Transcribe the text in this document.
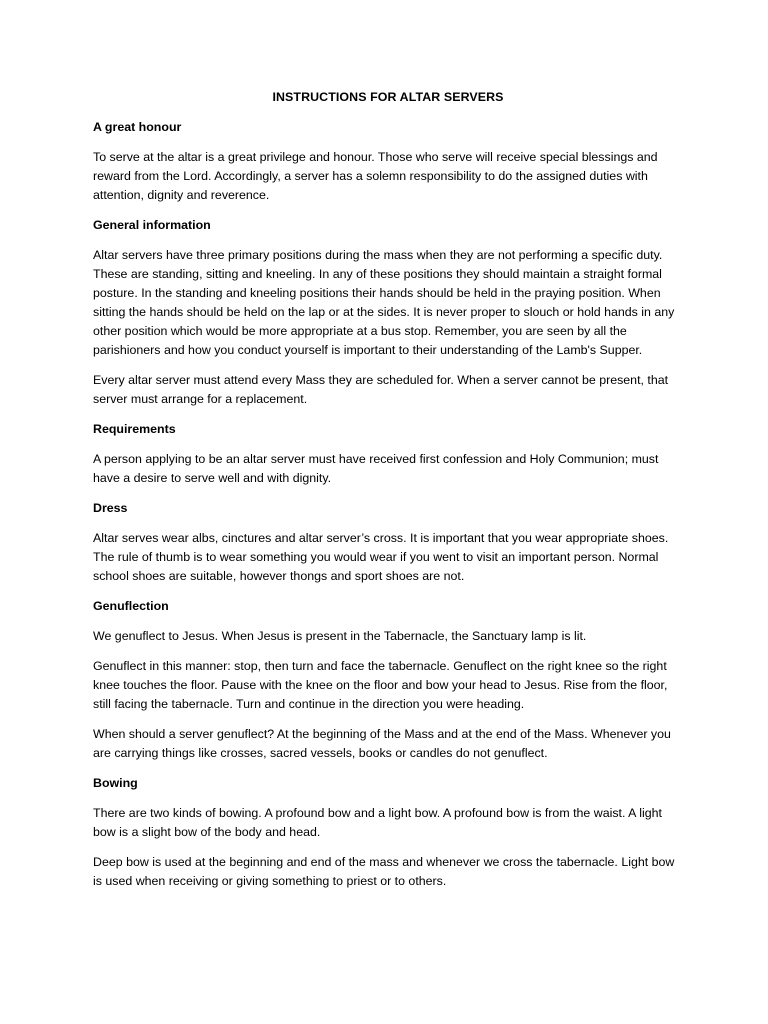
INSTRUCTIONS FOR ALTAR SERVERS
A great honour

To serve at the altar is a great privilege and honour. Those who serve will receive special blessings and reward from the Lord. Accordingly, a server has a solemn responsibility to do the assigned duties with attention, dignity and reverence.

General information

Altar servers have three primary positions during the mass when they are not performing a specific duty. These are standing, sitting and kneeling. In any of these positions they should maintain a straight formal posture. In the standing and kneeling positions their hands should be held in the praying position. When sitting the hands should be held on the lap or at the sides. It is never proper to slouch or hold hands in any other position which would be more appropriate at a bus stop. Remember, you are seen by all the parishioners and how you conduct yourself is important to their understanding of the Lamb's Supper.

Every altar server must attend every Mass they are scheduled for. When a server cannot be present, that server must arrange for a replacement.

Requirements

A person applying to be an altar server must have received first confession and Holy Communion; must have a desire to serve well and with dignity.

Dress

Altar serves wear albs, cinctures and altar server’s cross. It is important that you wear appropriate shoes. The rule of thumb is to wear something you would wear if you went to visit an important person. Normal school shoes are suitable, however thongs and sport shoes are not.

Genuflection

We genuflect to Jesus. When Jesus is present in the Tabernacle, the Sanctuary lamp is lit.

Genuflect in this manner: stop, then turn and face the tabernacle. Genuflect on the right knee so the right knee touches the floor. Pause with the knee on the floor and bow your head to Jesus. Rise from the floor, still facing the tabernacle. Turn and continue in the direction you were heading.

When should a server genuflect? At the beginning of the Mass and at the end of the Mass. Whenever you are carrying things like crosses, sacred vessels, books or candles do not genuflect.

Bowing

There are two kinds of bowing. A profound bow and a light bow. A profound bow is from the waist. A light bow is a slight bow of the body and head.

Deep bow is used at the beginning and end of the mass and whenever we cross the tabernacle. Light bow is used when receiving or giving something to priest or to others.
